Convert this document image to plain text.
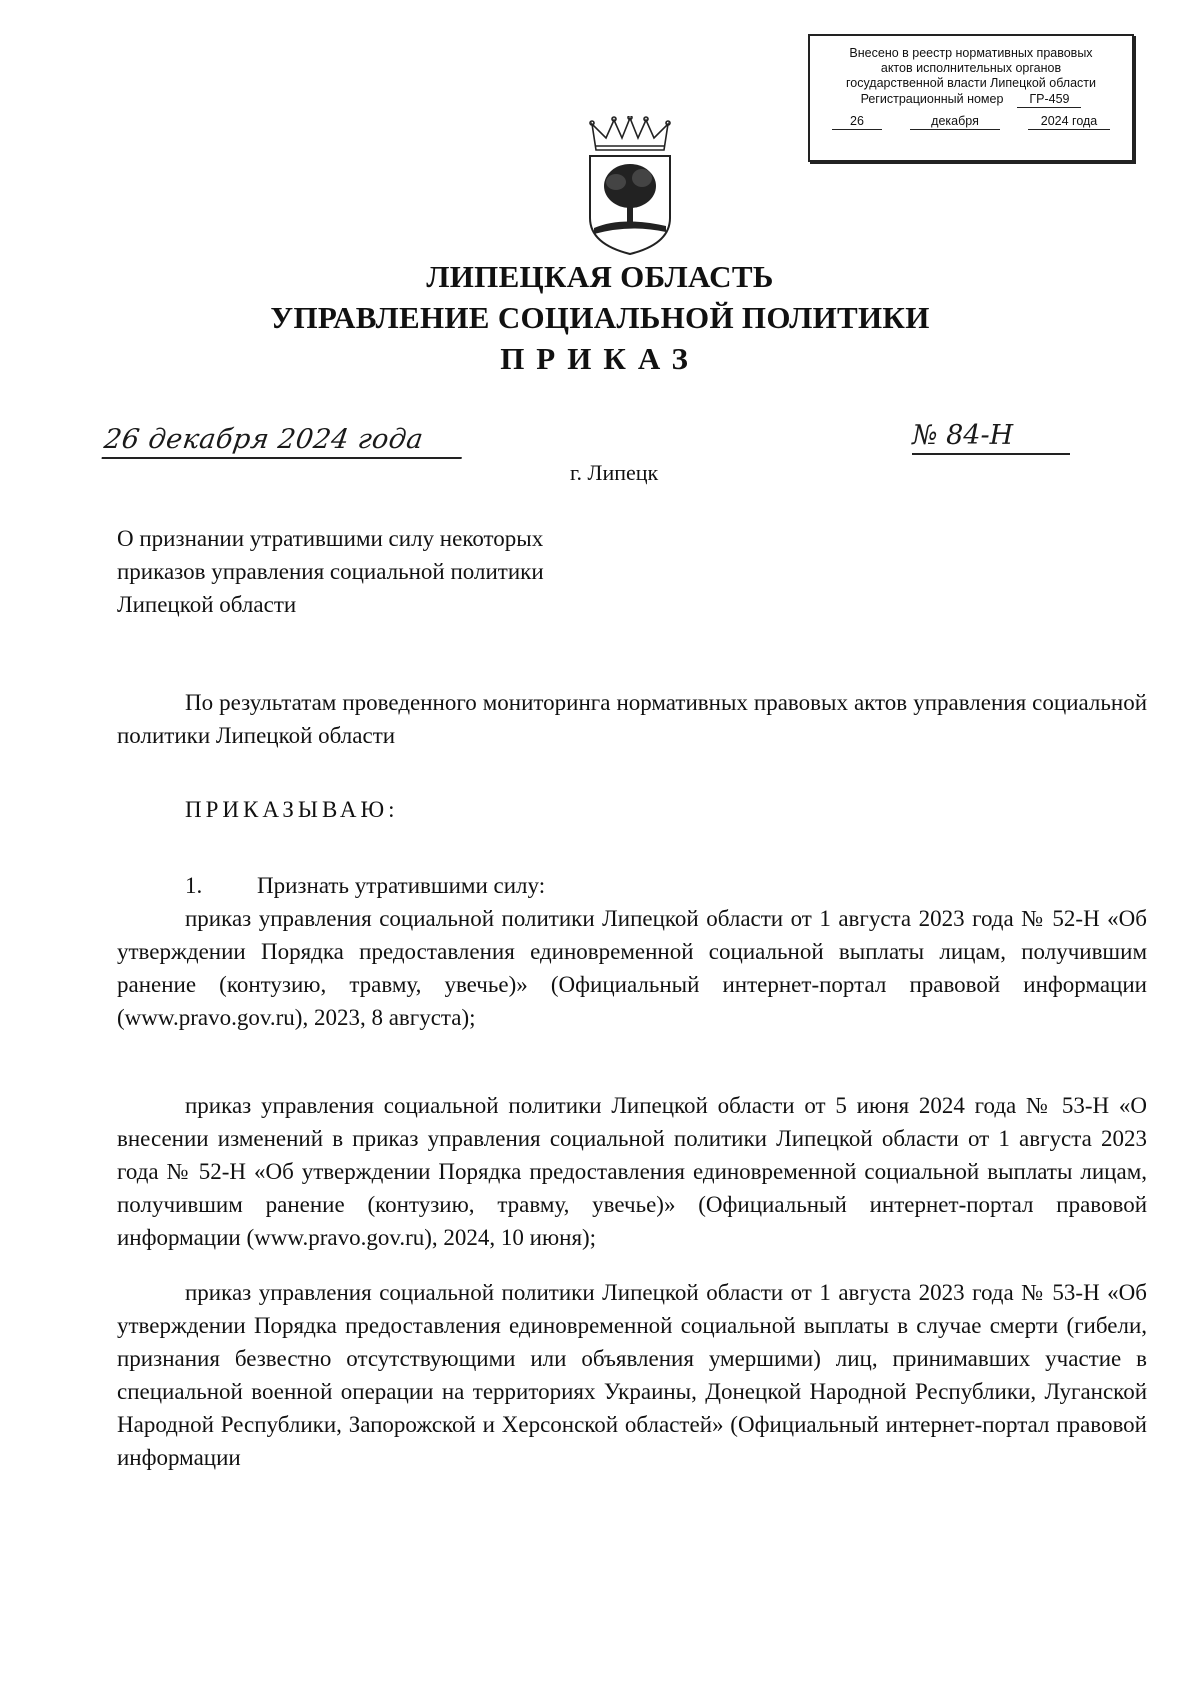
Внесено в реестр нормативных правовых
актов исполнительных органов
государственной власти Липецкой области
Регистрационный номер	ГР-459
26	декабря	2024 года
ЛИПЕЦКАЯ ОБЛАСТЬ
УПРАВЛЕНИЕ СОЦИАЛЬНОЙ ПОЛИТИКИ
ПРИКАЗ
26 декабря 2024 года	№ 84-Н
г. Липецк
О признании утратившими силу некоторых
приказов управления социальной политики
Липецкой области

По результатам проведенного мониторинга нормативных правовых актов управления социальной политики Липецкой области

ПРИКАЗЫВАЮ:

1. Признать утратившими силу:

приказ управления социальной политики Липецкой области от 1 августа 2023 года № 52-Н «Об утверждении Порядка предоставления единовременной социальной выплаты лицам, получившим ранение (контузию, травму, увечье)» (Официальный интернет-портал правовой информации (www.pravo.gov.ru), 2023, 8 августа);

приказ управления социальной политики Липецкой области от 5 июня 2024 года № 53-Н «О внесении изменений в приказ управления социальной политики Липецкой области от 1 августа 2023 года № 52-Н «Об утверждении Порядка предоставления единовременной социальной выплаты лицам, получившим ранение (контузию, травму, увечье)» (Официальный интернет-портал правовой информации (www.pravo.gov.ru), 2024, 10 июня);

приказ управления социальной политики Липецкой области от 1 августа 2023 года № 53-Н «Об утверждении Порядка предоставления единовременной социальной выплаты в случае смерти (гибели, признания безвестно отсутствующими или объявления умершими) лиц, принимавших участие в специальной военной операции на территориях Украины, Донецкой Народной Республики, Луганской Народной Республики, Запорожской и Херсонской областей» (Официальный интернет-портал правовой информации
